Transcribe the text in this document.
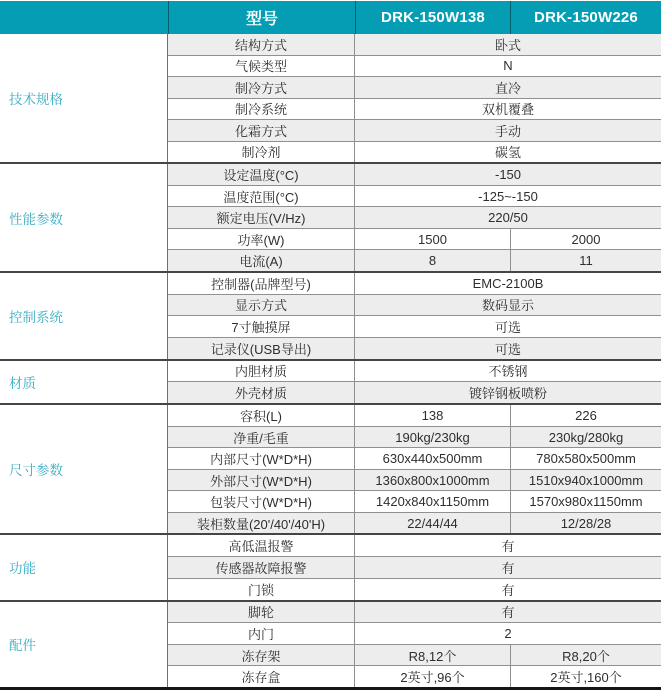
型号	DRK-150W138	DRK-150W226
技术规格
结构方式	卧式
气候类型	N
制冷方式	直冷
制冷系统	双机覆叠
化霜方式	手动
制冷剂	碳氢
性能参数
设定温度(°C)	-150
温度范围(°C)	-125~-150
额定电压(V/Hz)	220/50
功率(W)	1500	2000
电流(A)	8	11
控制系统
控制器(品牌型号)	EMC-2100B
显示方式	数码显示
7寸触摸屏	可选
记录仪(USB导出)	可选
材质
内胆材质	不锈钢
外壳材质	镀锌钢板喷粉
尺寸参数
容积(L)	138	226
净重/毛重	190kg/230kg	230kg/280kg
内部尺寸(W*D*H)	630x440x500mm	780x580x500mm
外部尺寸(W*D*H)	1360x800x1000mm	1510x940x1000mm
包装尺寸(W*D*H)	1420x840x1150mm	1570x980x1150mm
装柜数量(20'/40'/40'H)	22/44/44	12/28/28
功能
高低温报警	有
传感器故障报警	有
门锁	有
配件
脚轮	有
内门	2
冻存架	R8,12个	R8,20个
冻存盒	2英寸,96个	2英寸,160个
